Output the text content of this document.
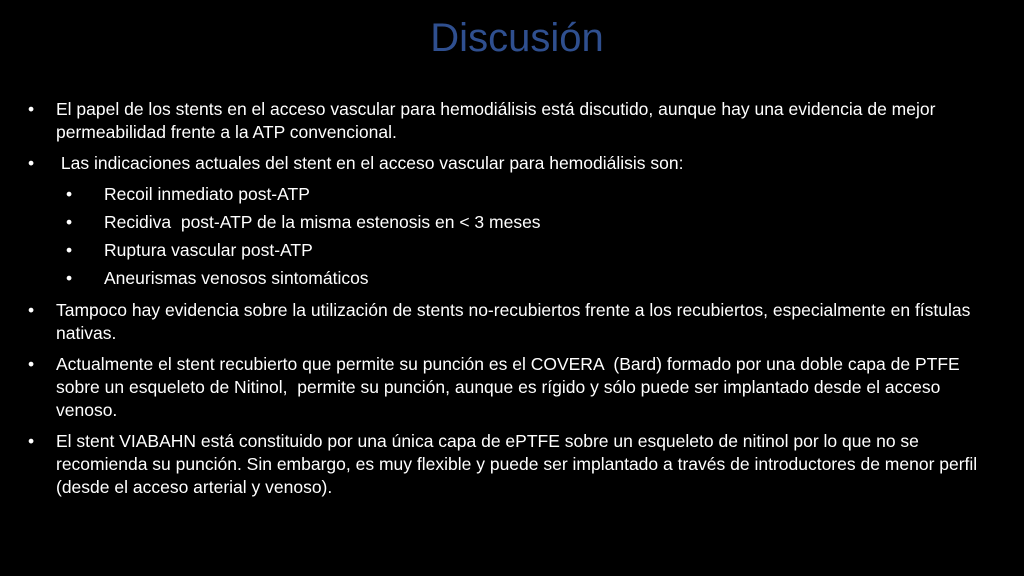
Discusión
• El papel de los stents en el acceso vascular para hemodiálisis está discutido, aunque hay una evidencia de mejor permeabilidad frente a la ATP convencional.
•  Las indicaciones actuales del stent en el acceso vascular para hemodiálisis son:
• Recoil inmediato post-ATP
• Recidiva  post-ATP de la misma estenosis en < 3 meses
• Ruptura vascular post-ATP
• Aneurismas venosos sintomáticos
• Tampoco hay evidencia sobre la utilización de stents no-recubiertos frente a los recubiertos, especialmente en fístulas nativas.
• Actualmente el stent recubierto que permite su punción es el COVERA  (Bard) formado por una doble capa de PTFE sobre un esqueleto de Nitinol,  permite su punción, aunque es rígido y sólo puede ser implantado desde el acceso venoso.
• El stent VIABAHN está constituido por una única capa de ePTFE sobre un esqueleto de nitinol por lo que no se recomienda su punción. Sin embargo, es muy flexible y puede ser implantado a través de introductores de menor perfil (desde el acceso arterial y venoso).
